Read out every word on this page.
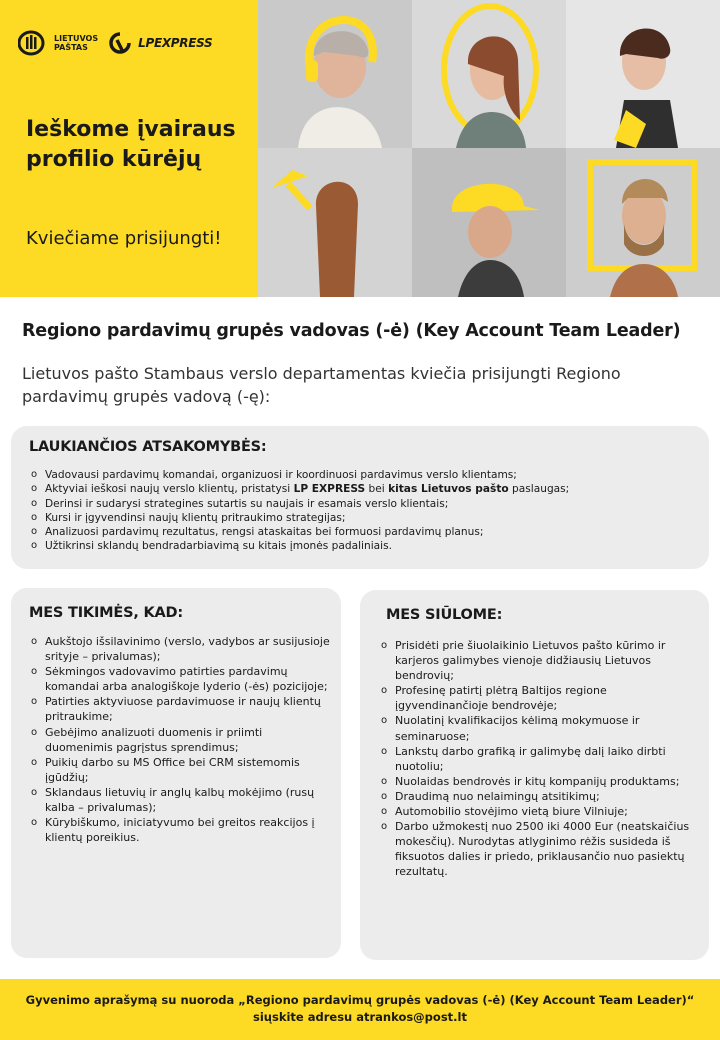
LIETUVOS
PAŠTAS	LPEXPRESS
Ieškome įvairaus profilio kūrėjų
Kviečiame prisijungti!
Regiono pardavimų grupės vadovas (-ė) (Key Account Team Leader)
Lietuvos pašto Stambaus verslo departamentas kviečia prisijungti Regiono pardavimų grupės vadovą (-ę):
LAUKIANČIOS ATSAKOMYBĖS:
o Vadovausi pardavimų komandai, organizuosi ir koordinuosi pardavimus verslo klientams;
o Aktyviai ieškosi naujų verslo klientų, pristatysi LP EXPRESS bei kitas Lietuvos pašto paslaugas;
o Derinsi ir sudarysi strategines sutartis su naujais ir esamais verslo klientais;
o Kursi ir įgyvendinsi naujų klientų pritraukimo strategijas;
o Analizuosi pardavimų rezultatus, rengsi ataskaitas bei formuosi pardavimų planus;
o Užtikrinsi sklandų bendradarbiavimą su kitais įmonės padaliniais.
MES TIKIMĖS, KAD:
o Aukštojo išsilavinimo (verslo, vadybos ar susijusioje srityje – privalumas);
o Sėkmingos vadovavimo patirties pardavimų komandai arba analogiškoje lyderio (-ės) pozicijoje;
o Patirties aktyviuose pardavimuose ir naujų klientų pritraukime;
o Gebėjimo analizuoti duomenis ir priimti duomenimis pagrįstus sprendimus;
o Puikių darbo su MS Office bei CRM sistemomis įgūdžių;
o Sklandaus lietuvių ir anglų kalbų mokėjimo (rusų kalba – privalumas);
o Kūrybiškumo, iniciatyvumo bei greitos reakcijos į klientų poreikius.
MES SIŪLOME:
o Prisidėti prie šiuolaikinio Lietuvos pašto kūrimo ir karjeros galimybes vienoje didžiausių Lietuvos bendrovių;
o Profesinę patirtį plėtrą Baltijos regione įgyvendinančioje bendrovėje;
o Nuolatinį kvalifikacijos kėlimą mokymuose ir seminaruose;
o Lankstų darbo grafiką ir galimybę dalį laiko dirbti nuotoliu;
o Nuolaidas bendrovės ir kitų kompanijų produktams;
o Draudimą nuo nelaimingų atsitikimų;
o Automobilio stovėjimo vietą biure Vilniuje;
o Darbo užmokestį nuo 2500 iki 4000 Eur (neatskaičius mokesčių). Nurodytas atlyginimo rėžis susideda iš fiksuotos dalies ir priedo, priklausančio nuo pasiektų rezultatų.

Gyvenimo aprašymą su nuoroda „Regiono pardavimų grupės vadovas (-ė) (Key Account Team Leader)“

siųskite adresu atrankos@post.lt
